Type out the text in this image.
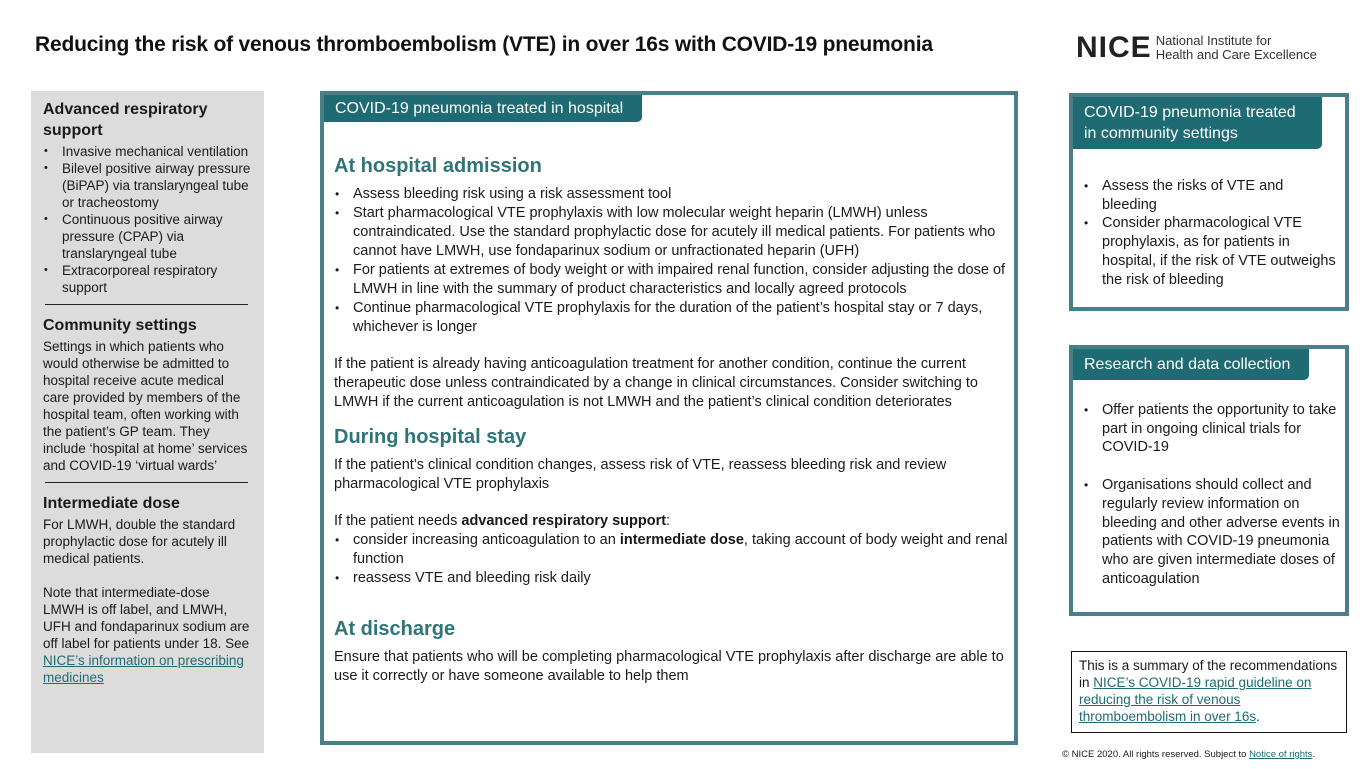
Reducing the risk of venous thromboembolism (VTE) in over 16s with COVID-19 pneumonia	NICE National Institute for
Health and Care Excellence
Advanced respiratory support
• Invasive mechanical ventilation
• Bilevel positive airway pressure (BiPAP) via translaryngeal tube or tracheostomy
• Continuous positive airway pressure (CPAP) via translaryngeal tube
• Extracorporeal respiratory support
Community settings

Settings in which patients who would otherwise be admitted to hospital receive acute medical care provided by members of the hospital team, often working with the patient’s GP team. They include ‘hospital at home’ services and COVID-19 ‘virtual wards’

Intermediate dose

For LMWH, double the standard prophylactic dose for acutely ill medical patients.

Note that intermediate-dose LMWH is off label, and LMWH, UFH and fondaparinux sodium are off label for patients under 18. See NICE’s information on prescribing medicines

COVID-19 pneumonia treated in hospital
At hospital admission
• Assess bleeding risk using a risk assessment tool
• Start pharmacological VTE prophylaxis with low molecular weight heparin (LMWH) unless contraindicated. Use the standard prophylactic dose for acutely ill medical patients. For patients who cannot have LMWH, use fondaparinux sodium or unfractionated heparin (UFH)
• For patients at extremes of body weight or with impaired renal function, consider adjusting the dose of LMWH in line with the summary of product characteristics and locally agreed protocols
• Continue pharmacological VTE prophylaxis for the duration of the patient’s hospital stay or 7 days, whichever is longer

If the patient is already having anticoagulation treatment for another condition, continue the current therapeutic dose unless contraindicated by a change in clinical circumstances. Consider switching to LMWH if the current anticoagulation is not LMWH and the patient’s clinical condition deteriorates

During hospital stay

If the patient’s clinical condition changes, assess risk of VTE, reassess bleeding risk and review pharmacological VTE prophylaxis

If the patient needs advanced respiratory support:

• consider increasing anticoagulation to an intermediate dose, taking account of body weight and renal function
• reassess VTE and bleeding risk daily
At discharge

Ensure that patients who will be completing pharmacological VTE prophylaxis after discharge are able to use it correctly or have someone available to help them

COVID-19 pneumonia treated in community settings
• Assess the risks of VTE and bleeding
• Consider pharmacological VTE prophylaxis, as for patients in hospital, if the risk of VTE outweighs the risk of bleeding
Research and data collection
• Offer patients the opportunity to take part in ongoing clinical trials for COVID-19
• Organisations should collect and regularly review information on bleeding and other adverse events in patients with COVID-19 pneumonia who are given intermediate doses of anticoagulation
This is a summary of the recommendations in NICE’s COVID-19 rapid guideline on reducing the risk of venous thromboembolism in over 16s.
© NICE 2020. All rights reserved. Subject to Notice of rights.
